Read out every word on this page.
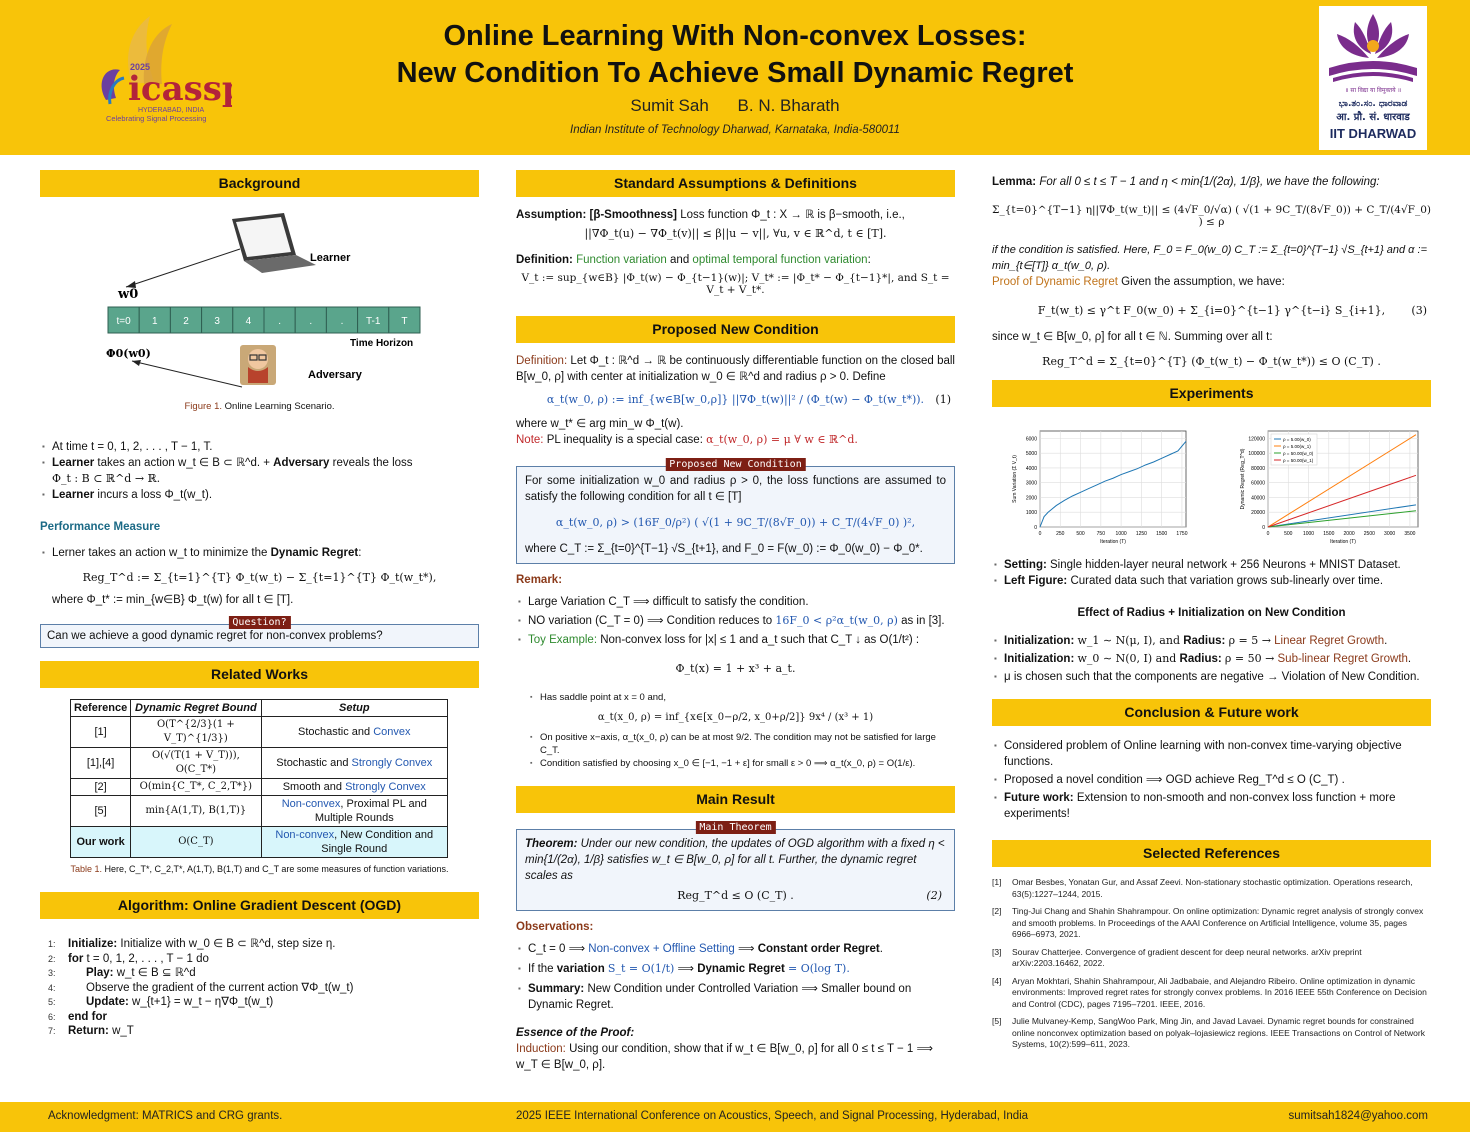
icass
2025
HYDERABAD, INDIA
Celebrating Signal Processing
Online Learning With Non-convex Losses:
New Condition To Achieve Small Dynamic Regret
Sumit Sah B. N. Bharath
Indian Institute of Technology Dharwad, Karnataka, India-580011
॥ सा विद्या या विमुक्तये ॥
ಭಾ.ತಂ.ಸಂ. ಧಾರವಾಡ
आ. प्रौ. सं. धारवाड
IIT DHARWAD
Background
Learner
w0
t=0 1	2	3	4	.	.	. T-1 T
Time Horizon
Φ0(w0)
Adversary
Figure 1. Online Learning Scenario.
▪ At time t = 0, 1, 2, . . . , T − 1, T.
▪ Learner takes an action w_t ∈ B ⊂ ℝ^d. + Adversary reveals the loss
Φ_t : B ⊂ ℝ^d → ℝ.
▪ Learner incurs a loss Φ_t(w_t).
Performance Measure
▪ Lerner takes an action w_t to minimize the Dynamic Regret:
Reg_T^d := Σ_{t=1}^{T} Φ_t(w_t) − Σ_{t=1}^{T} Φ_t(w_t*),
where Φ_t* := min_{w∈B} Φ_t(w) for all t ∈ [T].
Question?
Can we achieve a good dynamic regret for non-convex problems?
Related Works
Reference	Dynamic Regret Bound	Setup
[1]	O(T^{2/3}(1 + V_T)^{1/3})	Stochastic and Convex
[1],[4]	O(√(T(1 + V_T))), O(C_T*)	Stochastic and Strongly Convex
[2]	O(min{C_T*, C_2,T*})	Smooth and Strongly Convex
[5]	min{A(1,T), B(1,T)}	Non-convex, Proximal PL and Multiple Rounds
Our work	O(C_T)	Non-convex, New Condition and Single Round
Table 1. Here, C_T*, C_2,T*, A(1,T), B(1,T) and C_T are some measures of function variations.
Algorithm: Online Gradient Descent (OGD)
1: Initialize: Initialize with w_0 ∈ B ⊂ ℝ^d, step size η.
2: for t = 0, 1, 2, . . . , T − 1 do
3:	Play: w_t ∈ B ⊆ ℝ^d
4:	Observe the gradient of the current action ∇Φ_t(w_t)
5:	Update: w_{t+1} = w_t − η∇Φ_t(w_t)
6: end for
7: Return: w_T
Standard Assumptions & Definitions
Assumption: [β-Smoothness] Loss function Φ_t : X → ℝ is β−smooth, i.e.,
||∇Φ_t(u) − ∇Φ_t(v)|| ≤ β||u − v||, ∀u, v ∈ ℝ^d, t ∈ [T].
Definition: Function variation and optimal temporal function variation:
V_t := sup_{w∈B} |Φ_t(w) − Φ_{t−1}(w)|; V_t* := |Φ_t* − Φ_{t−1}*|, and S_t = V_t + V_t*.
Proposed New Condition
Definition: Let Φ_t : ℝ^d → ℝ be continuously differentiable function on the closed ball B[w_0, ρ] with center at initialization w_0 ∈ ℝ^d and radius ρ > 0. Define
α_t(w_0, ρ) := inf_{w∈B[w_0,ρ]} ||∇Φ_t(w)||² / (Φ_t(w) − Φ_t(w_t*)). (1)
where w_t* ∈ arg min_w Φ_t(w).
Note: PL inequality is a special case: α_t(w_0, ρ) = μ ∀ w ∈ ℝ^d.
Proposed New Condition
For some initialization w_0 and radius ρ > 0, the loss functions are assumed to satisfy the following condition for all t ∈ [T]
α_t(w_0, ρ) > (16F_0/ρ²) ( √(1 + 9C_T/(8√F_0)) + C_T/(4√F_0) )²,
where C_T := Σ_{t=0}^{T−1} √S_{t+1}, and F_0 = F(w_0) := Φ_0(w_0) − Φ_0*.
Remark:
▪ Large Variation C_T ⟹ difficult to satisfy the condition.
▪ NO variation (C_T = 0) ⟹ Condition reduces to 16F_0 < ρ²α_t(w_0, ρ) as in [3].
▪ Toy Example: Non-convex loss for |x| ≤ 1 and a_t such that C_T ↓ as O(1/t²) :
Φ_t(x) = 1 + x³ + a_t.
▪ Has saddle point at x = 0 and,
α_t(x_0, ρ) = inf_{x∈[x_0−ρ/2, x_0+ρ/2]} 9x⁴ / (x³ + 1)
▪ On positive x−axis, α_t(x_0, ρ) can be at most 9/2. The condition may not be satisfied for large C_T.
▪ Condition satisfied by choosing x_0 ∈ [−1, −1 + ε] for small ε > 0 ⟹ α_t(x_0, ρ) = O(1/ε).
Main Result
Main Theorem
Theorem: Under our new condition, the updates of OGD algorithm with a fixed η < min{1/(2α), 1/β} satisfies w_t ∈ B[w_0, ρ] for all t. Further, the dynamic regret scales as
Reg_T^d ≤ O (C_T) .	(2)
Observations:
▪ C_t = 0 ⟹ Non-convex + Offline Setting ⟹ Constant order Regret.
▪ If the variation S_t = O(1/t) ⟹ Dynamic Regret = O(log T).
▪ Summary: New Condition under Controlled Variation ⟹ Smaller bound on Dynamic Regret.
Essence of the Proof:
Induction: Using our condition, show that if w_t ∈ B[w_0, ρ] for all 0 ≤ t ≤ T − 1 ⟹ w_T ∈ B[w_0, ρ].
Lemma: For all 0 ≤ t ≤ T − 1 and η < min{1/(2α), 1/β}, we have the following:
Σ_{t=0}^{T−1} η||∇Φ_t(w_t)|| ≤ (4√F_0/√α) ( √(1 + 9C_T/(8√F_0)) + C_T/(4√F_0) ) ≤ ρ
if the condition is satisfied. Here, F_0 = F_0(w_0) C_T := Σ_{t=0}^{T−1} √S_{t+1} and α := min_{t∈[T]} α_t(w_0, ρ).
Proof of Dynamic Regret Given the assumption, we have:
F_t(w_t) ≤ γ^t F_0(w_0) + Σ_{i=0}^{t−1} γ^{t−i} S_{i+1}, (3)
since w_t ∈ B[w_0, ρ] for all t ∈ ℕ. Summing over all t:
Reg_T^d = Σ_{t=0}^{T} (Φ_t(w_t) − Φ_t(w_t*)) ≤ O (C_T) .
Experiments
0	250 500 750 1000 1250 1500 1750
0
1000
2000
3000
4000
5000
6000
Iteration (T)
Sum Variation (Σ V_t)
0	500 1000 1500 2000 2500 3000 3500
0
20000
40000
60000
80000
100000
120000
Iteration (T)
Dynamic Regret (Reg_T^d)
ρ = 5.00(w_0)
ρ = 5.00(w_1)
ρ = 50.00(w_0)
ρ = 50.00(w_1)
▪ Setting: Single hidden-layer neural network + 256 Neurons + MNIST Dataset.
▪ Left Figure: Curated data such that variation grows sub-linearly over time.
Effect of Radius + Initialization on New Condition
▪ Initialization: w_1 ∼ N(μ, I), and Radius: ρ = 5 → Linear Regret Growth.
▪ Initialization: w_0 ∼ N(0, I) and Radius: ρ = 50 → Sub-linear Regret Growth.
▪ μ is chosen such that the components are negative → Violation of New Condition.
Conclusion & Future work
▪ Considered problem of Online learning with non-convex time-varying objective functions.
▪ Proposed a novel condition ⟹ OGD achieve Reg_T^d ≤ O (C_T) .
▪ Future work: Extension to non-smooth and non-convex loss function + more experiments!
Selected References
[1] Omar Besbes, Yonatan Gur, and Assaf Zeevi. Non-stationary stochastic optimization. Operations research, 63(5):1227–1244, 2015.
[2] Ting-Jui Chang and Shahin Shahrampour. On online optimization: Dynamic regret analysis of strongly convex and smooth problems. In Proceedings of the AAAI Conference on Artificial Intelligence, volume 35, pages 6966–6973, 2021.
[3] Sourav Chatterjee. Convergence of gradient descent for deep neural networks. arXiv preprint arXiv:2203.16462, 2022.
[4] Aryan Mokhtari, Shahin Shahrampour, Ali Jadbabaie, and Alejandro Ribeiro. Online optimization in dynamic environments: Improved regret rates for strongly convex problems. In 2016 IEEE 55th Conference on Decision and Control (CDC), pages 7195–7201. IEEE, 2016.
[5] Julie Mulvaney-Kemp, SangWoo Park, Ming Jin, and Javad Lavaei. Dynamic regret bounds for constrained online nonconvex optimization based on polyak–lojasiewicz regions. IEEE Transactions on Control of Network Systems, 10(2):599–611, 2023.
Acknowledgment: MATRICS and CRG grants.	2025 IEEE International Conference on Acoustics, Speech, and Signal Processing, Hyderabad, India	sumitsah1824@yahoo.com
